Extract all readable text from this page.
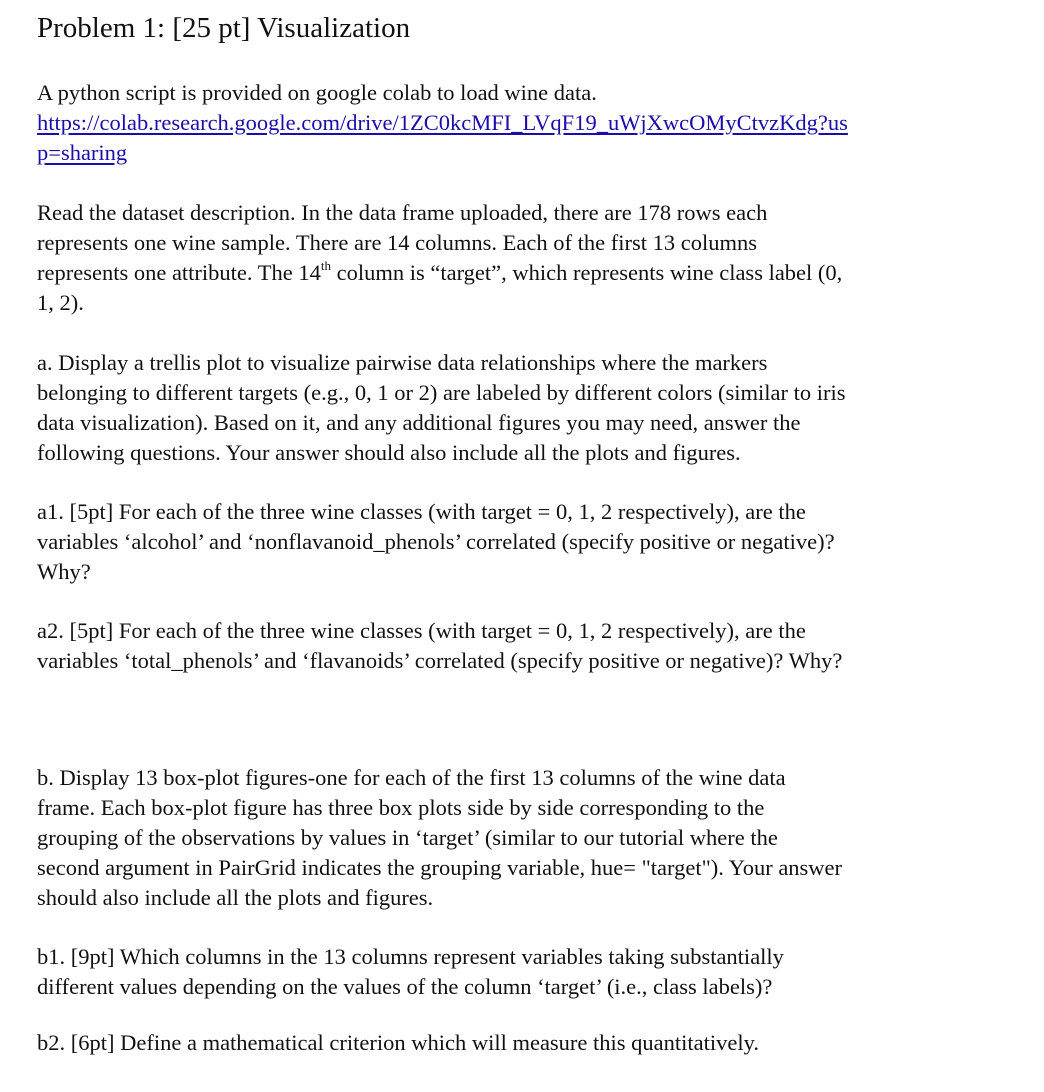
Problem 1: [25 pt] Visualization

A python script is provided on google colab to load wine data.

https://colab.research.google.com/drive/1ZC0kcMFI_LVqF19_uWjXwcOMyCtvzKdg?us
p=sharing

Read the dataset description. In the data frame uploaded, there are 178 rows each

represents one wine sample. There are 14 columns. Each of the first 13 columns

represents one attribute. The 14th column is “target”, which represents wine class label (0,

1, 2).

a. Display a trellis plot to visualize pairwise data relationships where the markers

belonging to different targets (e.g., 0, 1 or 2) are labeled by different colors (similar to iris

data visualization). Based on it, and any additional figures you may need, answer the

following questions. Your answer should also include all the plots and figures.

a1. [5pt] For each of the three wine classes (with target = 0, 1, 2 respectively), are the

variables ‘alcohol’ and ‘nonflavanoid_phenols’ correlated (specify positive or negative)?

Why?

a2. [5pt] For each of the three wine classes (with target = 0, 1, 2 respectively), are the

variables ‘total_phenols’ and ‘flavanoids’ correlated (specify positive or negative)? Why?

b. Display 13 box-plot figures-one for each of the first 13 columns of the wine data

frame. Each box-plot figure has three box plots side by side corresponding to the

grouping of the observations by values in ‘target’ (similar to our tutorial where the

second argument in PairGrid indicates the grouping variable, hue= "target"). Your answer

should also include all the plots and figures.

b1. [9pt] Which columns in the 13 columns represent variables taking substantially

different values depending on the values of the column ‘target’ (i.e., class labels)?

b2. [6pt] Define a mathematical criterion which will measure this quantitatively.
